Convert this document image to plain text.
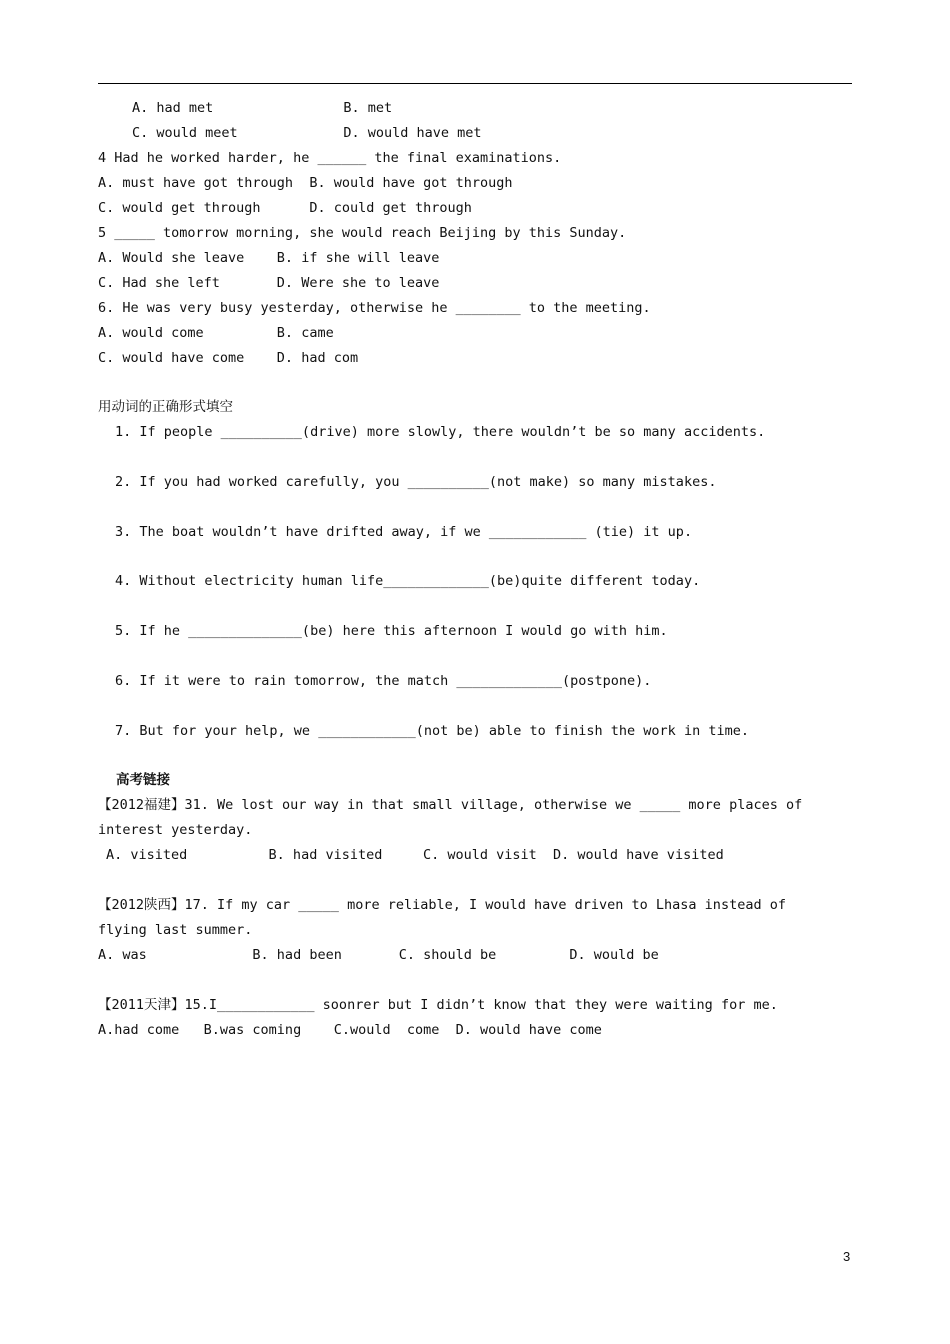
A. had met                B. met
C. would meet             D. would have met
4 Had he worked harder, he ______ the final examinations.
A. must have got through  B. would have got through
C. would get through      D. could get through
5 _____ tomorrow morning, she would reach Beijing by this Sunday.
A. Would she leave    B. if she will leave
C. Had she left       D. Were she to leave
6. He was very busy yesterday, otherwise he ________ to the meeting.
A. would come         B. came
C. would have come    D. had com
用动词的正确形式填空
1. If people __________(drive) more slowly, there wouldn’t be so many accidents.
2. If you had worked carefully, you __________(not make) so many mistakes.
3. The boat wouldn’t have drifted away, if we ____________ (tie) it up.
4. Without electricity human life_____________(be)quite different today.
5. If he ______________(be) here this afternoon I would go with him.
6. If it were to rain tomorrow, the match _____________(postpone).
7. But for your help, we ____________(not be) able to finish the work in time.
高考链接
【2012福建】31. We lost our way in that small village, otherwise we _____ more places of
interest yesterday.
A. visited          B. had visited     C. would visit  D. would have visited
【2012陕西】17. If my car _____ more reliable, I would have driven to Lhasa instead of
flying last summer.
A. was             B. had been       C. should be         D. would be
【2011天津】15.I____________ soonrer but I didn’t know that they were waiting for me.
A.had come   B.was coming    C.would  come  D. would have come
3
